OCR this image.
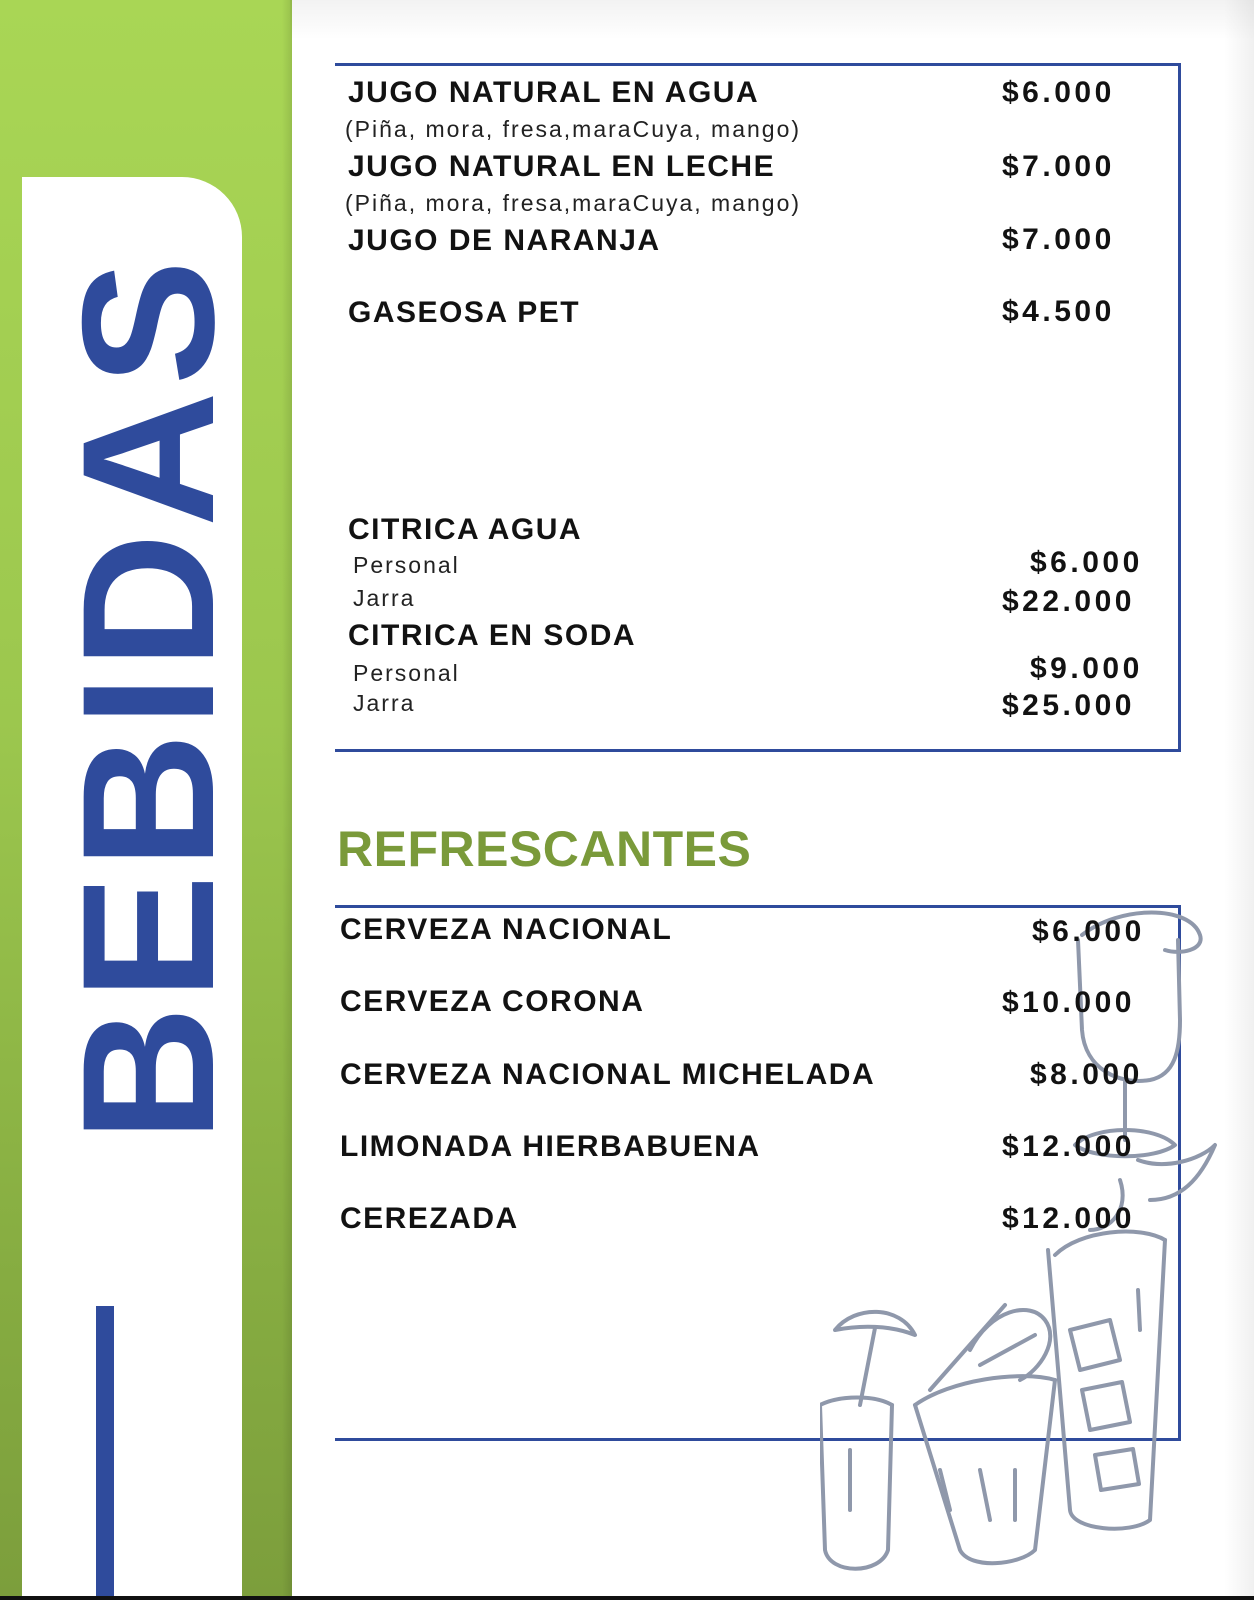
BEBIDAS
JUGO NATURAL EN AGUA	$6.000
(Piña, mora, fresa,maraCuya, mango)
JUGO NATURAL EN LECHE	$7.000
(Piña, mora, fresa,maraCuya, mango)
JUGO DE NARANJA	$7.000
GASEOSA PET	$4.500
CITRICA AGUA
Personal	$6.000
Jarra	$22.000
CITRICA EN SODA
Personal	$9.000
Jarra	$25.000
REFRESCANTES
CERVEZA NACIONAL	$6.000
CERVEZA CORONA	$10.000
CERVEZA NACIONAL MICHELADA	$8.000
LIMONADA HIERBABUENA	$12.000
CEREZADA	$12.000
